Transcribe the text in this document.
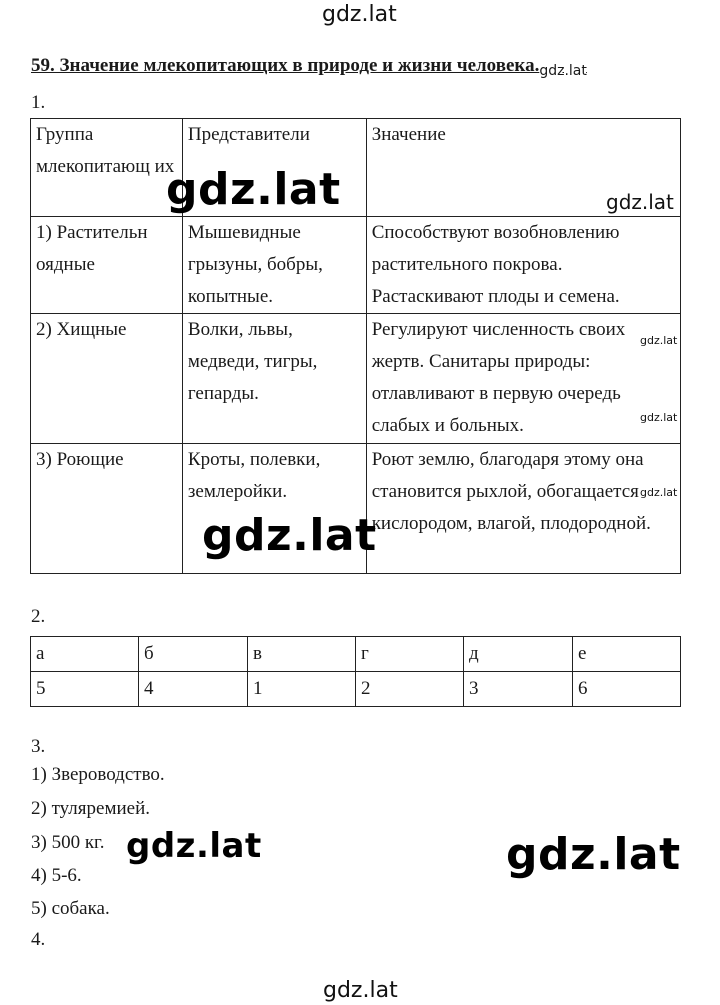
gdz.lat
59. Значение млекопитающих в природе и жизни $человека._{gdz.lat}$
1.
Группа млекопитающ их	Представители	Значение
1) Растительн оядные	Мышевидные грызуны, бобры, копытные.	Способствуют возобновлению растительного покрова. Растаскивают плоды и семена.
2) Хищные	Волки, львы, медведи, тигры, гепарды.	Регулируют численность своих жертв. Санитары природы: отлавливают в первую очередь слабых и больных.
3) Роющие	Кроты, полевки, землеройки.	Роют землю, благодаря этому она становится рыхлой, обогащается кислородом, влагой, плодородной.
gdz.lat	gdz.lat
gdz.lat
gdz.lat
gdz.lat
gdz.lat
2.
а	б	в	г	д	е
5	4	1	2	3	6
3.
1) Звероводство.
2) туляремией.
3) 500 кг.
4) 5-6.
5) собака.
4.
gdz.lat	gdz.lat
gdz.lat
